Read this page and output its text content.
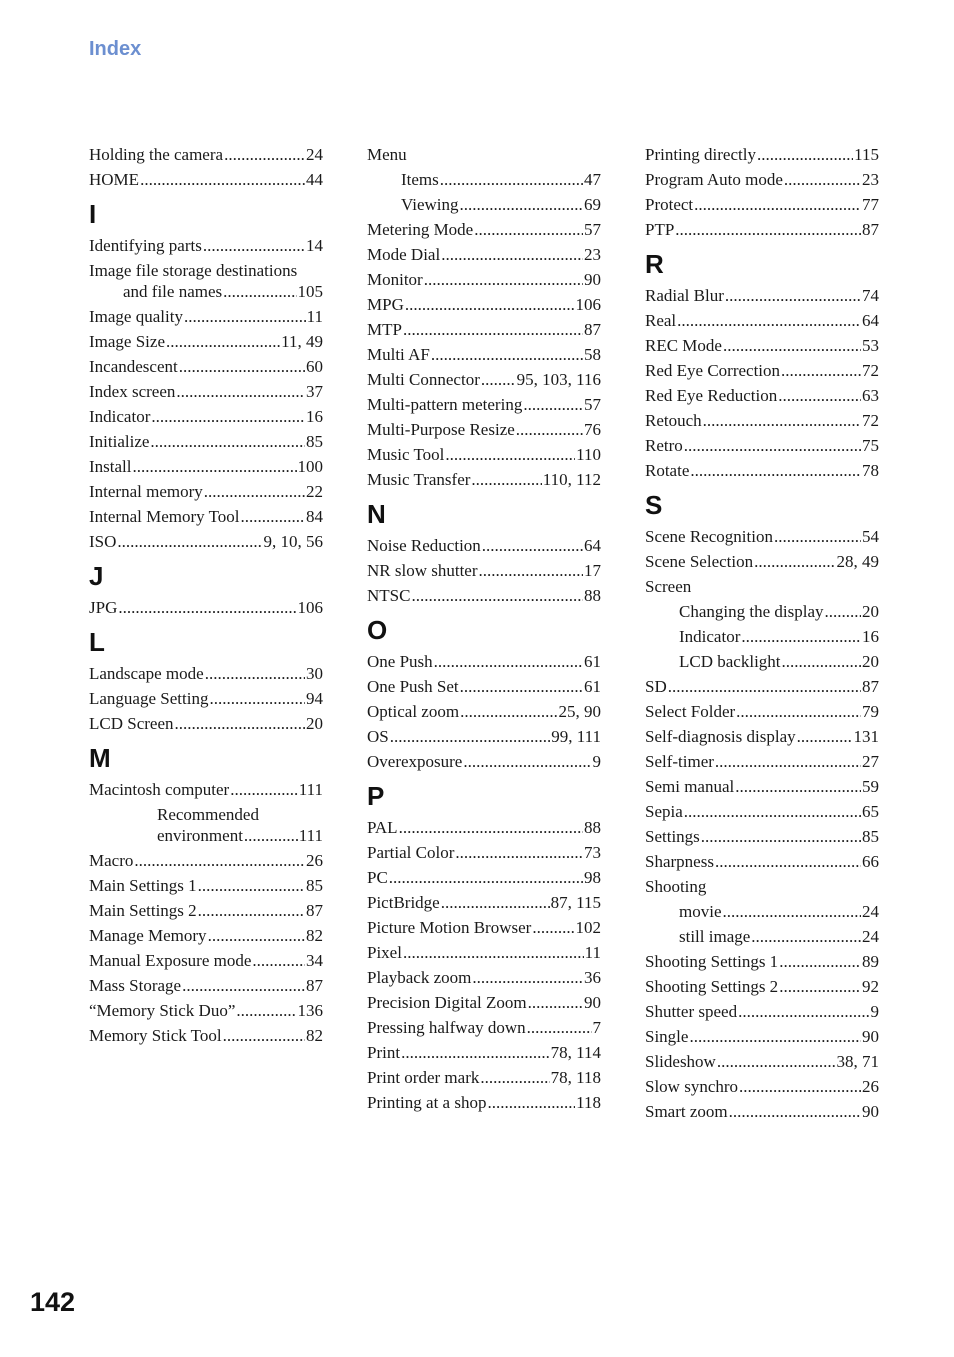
Index
Holding the camera .....	24
HOME .....	44
I
Identifying parts .....	14
Image file storage destinations
and file names .....	105
Image quality .....	11
Image Size .....	11, 49
Incandescent .....	60
Index screen .....	37
Indicator .....	16
Initialize .....	85
Install .....	100
Internal memory .....	22
Internal Memory Tool .....	84
ISO .....	9, 10, 56
J
JPG .....	106
L
Landscape mode .....	30
Language Setting .....	94
LCD Screen .....	20
M
Macintosh computer .....	111
Recommended
environment .....	111
Macro .....	26
Main Settings 1 .....	85
Main Settings 2 .....	87
Manage Memory .....	82
Manual Exposure mode .....	34
Mass Storage .....	87
“Memory Stick Duo” .....	136
Memory Stick Tool .....	82
Menu
Items .....	47
Viewing .....	69
Metering Mode .....	57
Mode Dial .....	23
Monitor .....	90
MPG .....	106
MTP .....	87
Multi AF .....	58
Multi Connector ..... 95, 103, 116
Multi-pattern metering .....	57
Multi-Purpose Resize .....	76
Music Tool .....	110
Music Transfer .....	110, 112
N
Noise Reduction .....	64
NR slow shutter .....	17
NTSC .....	88
O
One Push .....	61
One Push Set .....	61
Optical zoom .....	25, 90
OS .....	99, 111
Overexposure .....	9
P
PAL .....	88
Partial Color .....	73
PC .....	98
PictBridge .....	87, 115
Picture Motion Browser .....	102
Pixel .....	11
Playback zoom .....	36
Precision Digital Zoom .....	90
Pressing halfway down .....	7
Print .....	78, 114
Print order mark .....	78, 118
Printing at a shop .....	118
Printing directly .....	115
Program Auto mode .....	23
Protect .....	77
PTP .....	87
R
Radial Blur .....	74
Real .....	64
REC Mode .....	53
Red Eye Correction .....	72
Red Eye Reduction .....	63
Retouch .....	72
Retro .....	75
Rotate .....	78
S
Scene Recognition .....	54
Scene Selection .....	28, 49
Screen
Changing the display ..... 20
Indicator .....	16
LCD backlight .....	20
SD .....	87
Select Folder .....	79
Self-diagnosis display .....	131
Self-timer .....	27
Semi manual .....	59
Sepia .....	65
Settings .....	85
Sharpness .....	66
Shooting
movie .....	24
still image .....	24
Shooting Settings 1 .....	89
Shooting Settings 2 .....	92
Shutter speed .....	9
Single .....	90
Slideshow .....	38, 71
Slow synchro .....	26
Smart zoom .....	90
142
